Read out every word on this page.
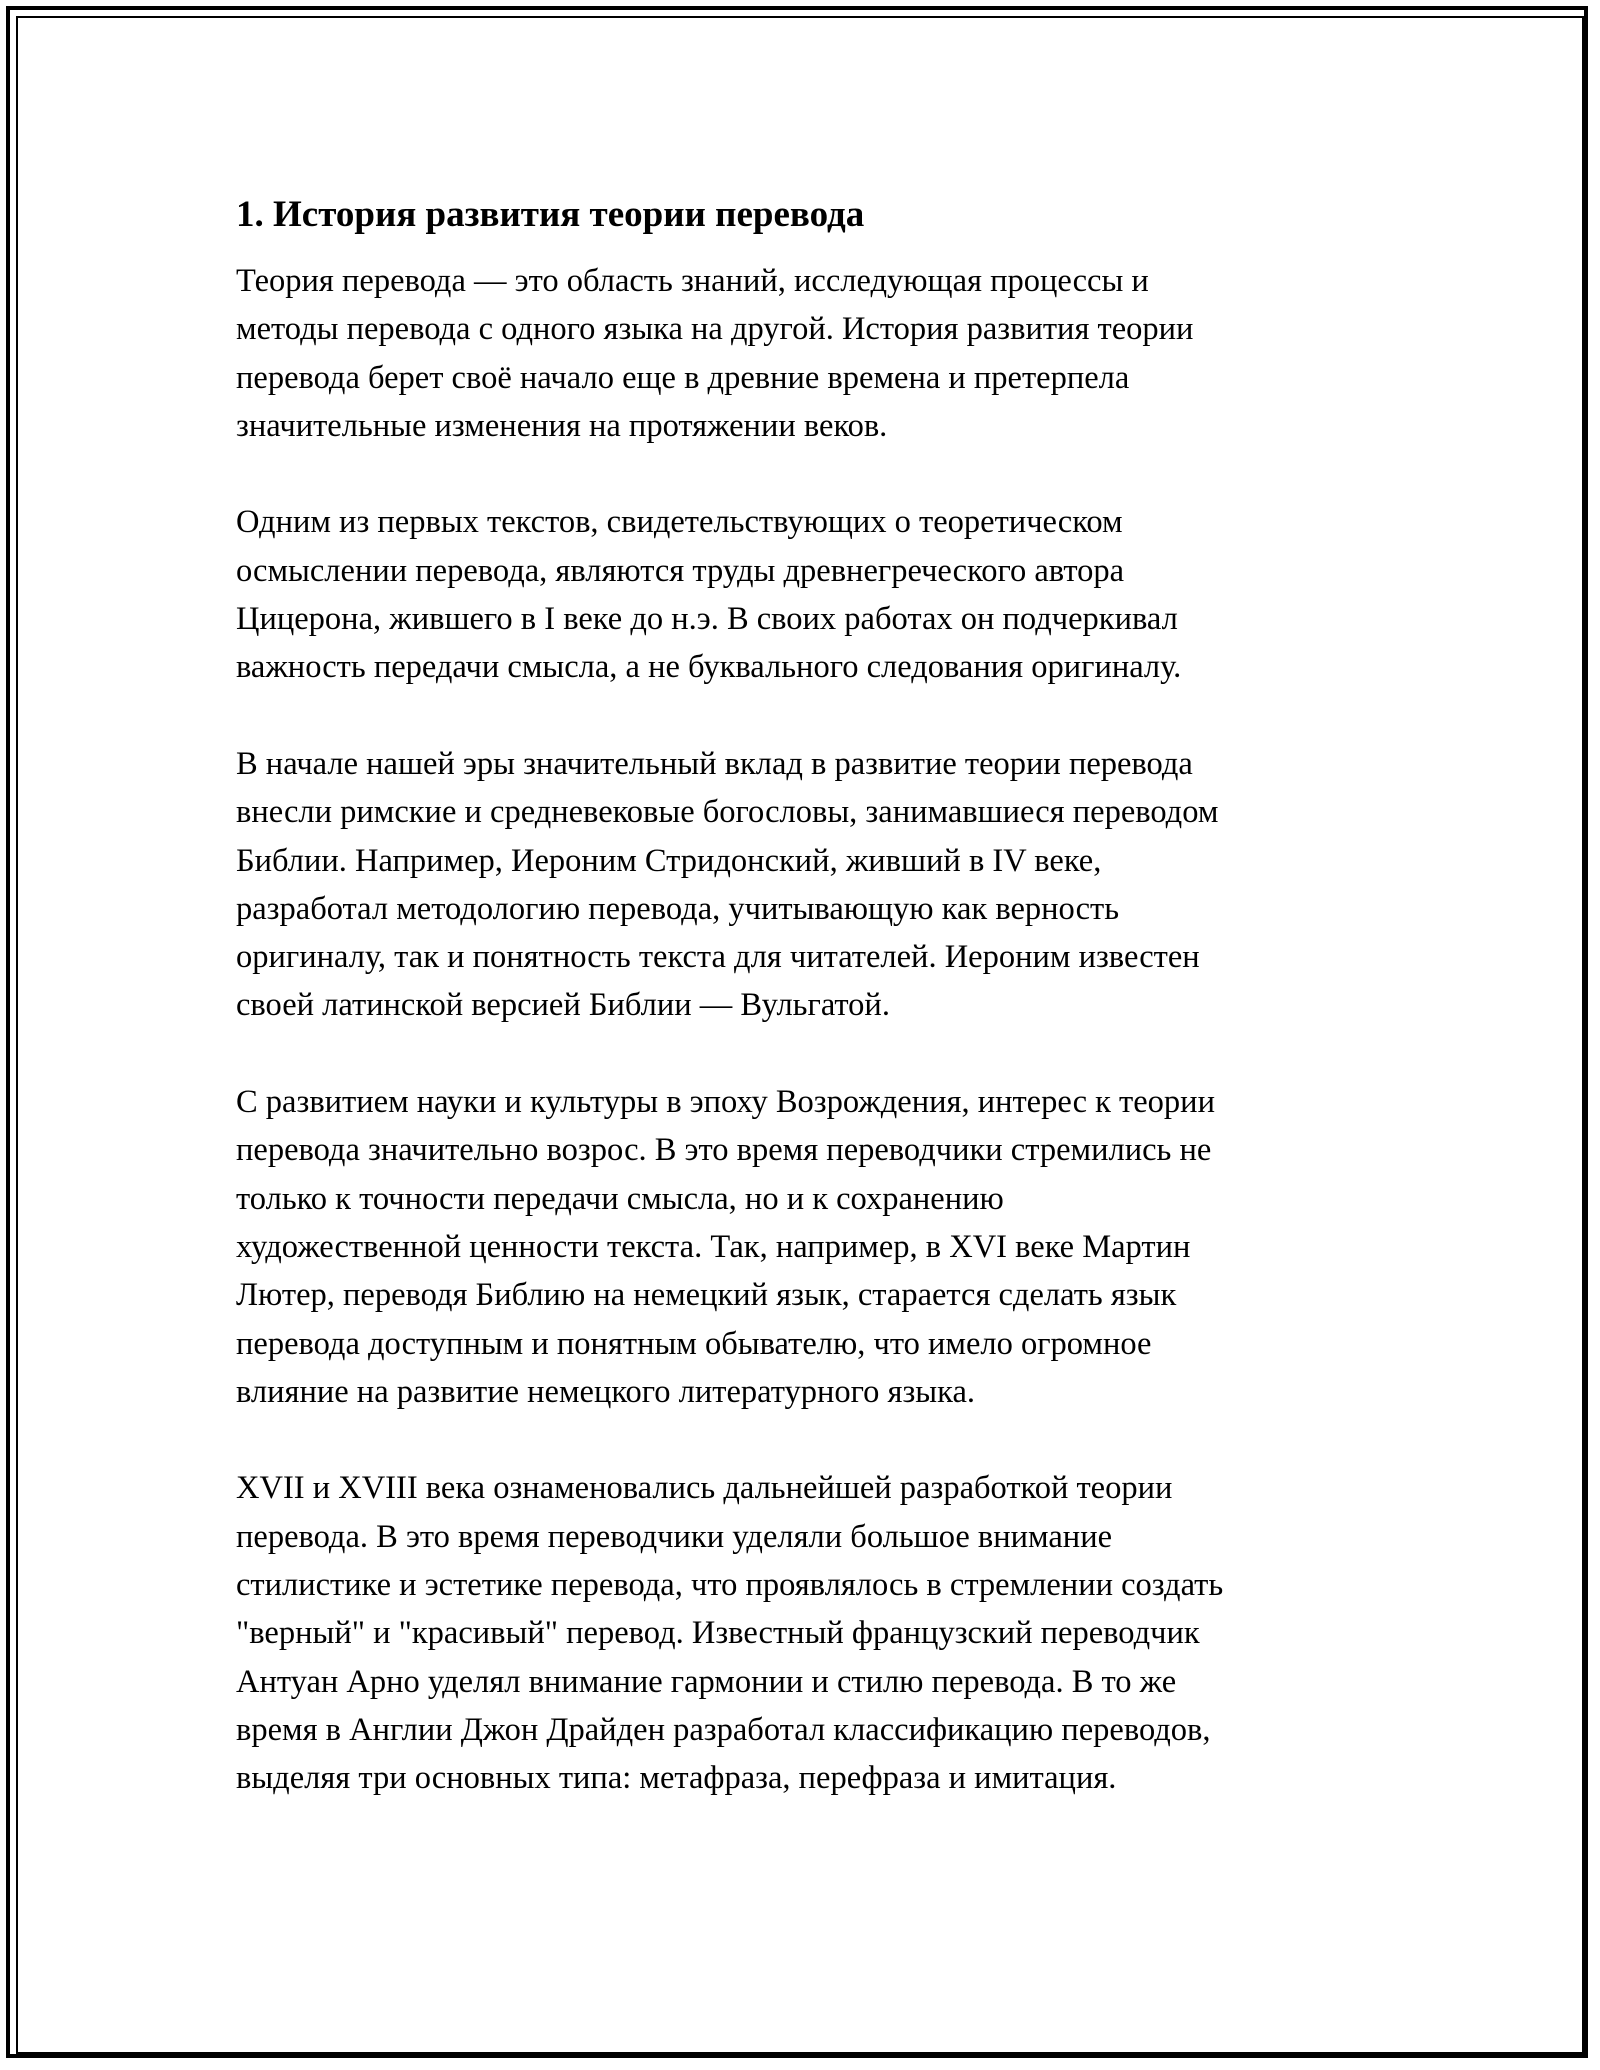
1. История развития теории перевода
Теория перевода — это область знаний, исследующая процессы и
методы перевода с одного языка на другой. История развития теории
перевода берет своё начало еще в древние времена и претерпела
значительные изменения на протяжении веков.
Одним из первых текстов, свидетельствующих о теоретическом
осмыслении перевода, являются труды древнегреческого автора
Цицерона, жившего в I веке до н.э. В своих работах он подчеркивал
важность передачи смысла, а не буквального следования оригиналу.
В начале нашей эры значительный вклад в развитие теории перевода
внесли римские и средневековые богословы, занимавшиеся переводом
Библии. Например, Иероним Стридонский, живший в IV веке,
разработал методологию перевода, учитывающую как верность
оригиналу, так и понятность текста для читателей. Иероним известен
своей латинской версией Библии — Вульгатой.
С развитием науки и культуры в эпоху Возрождения, интерес к теории
перевода значительно возрос. В это время переводчики стремились не
только к точности передачи смысла, но и к сохранению
художественной ценности текста. Так, например, в XVI веке Мартин
Лютер, переводя Библию на немецкий язык, старается сделать язык
перевода доступным и понятным обывателю, что имело огромное
влияние на развитие немецкого литературного языка.
XVII и XVIII века ознаменовались дальнейшей разработкой теории
перевода. В это время переводчики уделяли большое внимание
стилистике и эстетике перевода, что проявлялось в стремлении создать
"верный" и "красивый" перевод. Известный французский переводчик
Антуан Арно уделял внимание гармонии и стилю перевода. В то же
время в Англии Джон Драйден разработал классификацию переводов,
выделяя три основных типа: метафраза, перефраза и имитация.
